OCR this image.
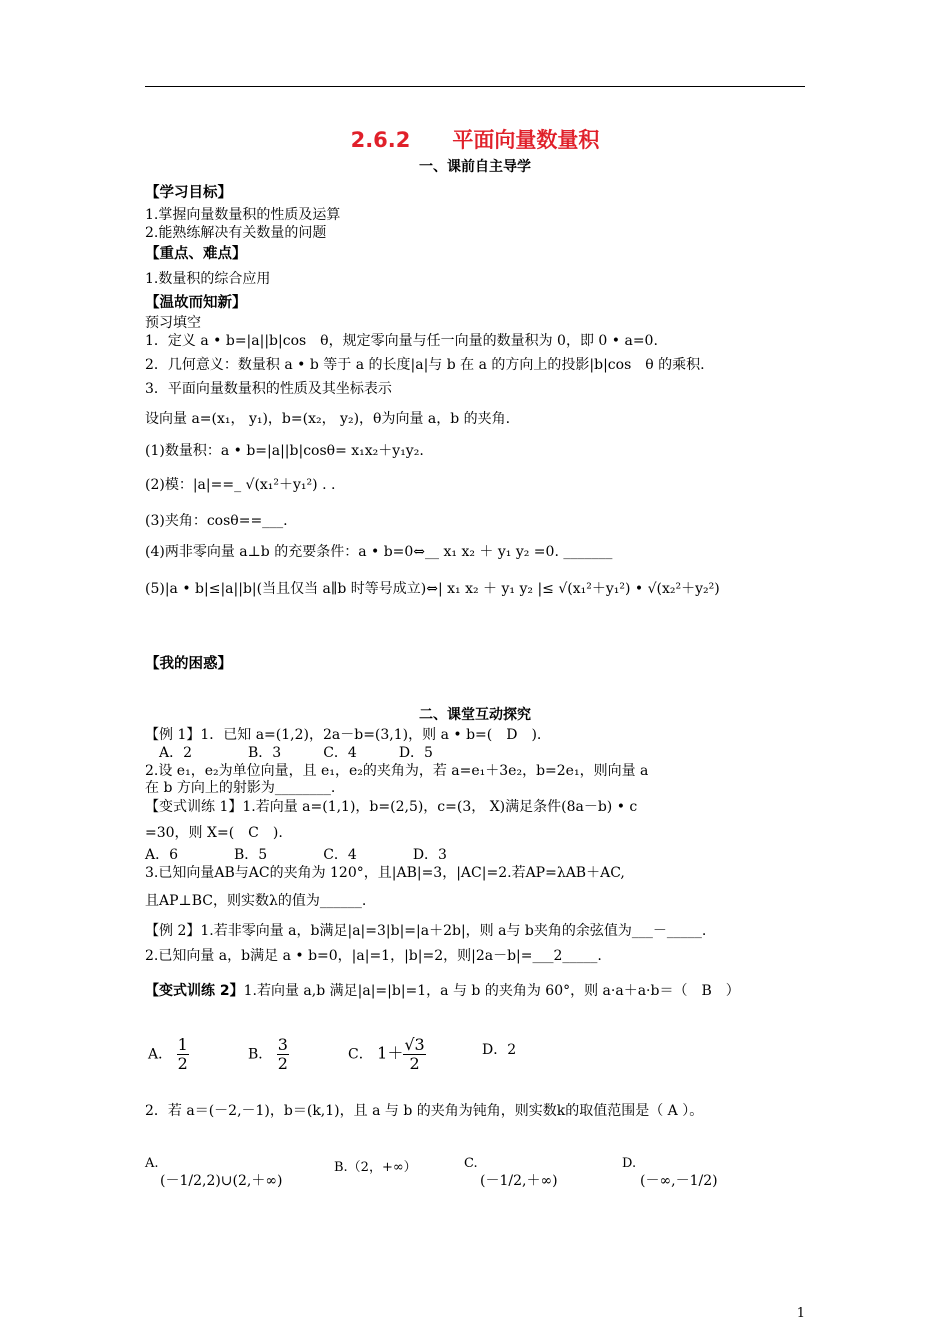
2.6.2　　平面向量数量积
一、课前自主导学
【学习目标】
1.掌握向量数量积的性质及运算
2.能熟练解决有关数量的问题
【重点、难点】
1.数量积的综合应用
【温故而知新】
预习填空
1．定义 a • b=|a||b|cos　θ，规定零向量与任一向量的数量积为 0，即 0 • a=0.
2．几何意义：数量积 a • b 等于 a 的长度|a|与 b 在 a 的方向上的投影|b|cos　θ 的乘积.
3．平面向量数量积的性质及其坐标表示
设向量 a=(x₁， y₁)，b=(x₂， y₂)，θ为向量 a，b 的夹角.
(1)数量积：a • b=|a||b|cosθ= x₁x₂＋y₁y₂.
(2)模：|a|==_ √(x₁²＋y₁²) . .
(3)夹角：cosθ==___.
(4)两非零向量 a⊥b 的充要条件：a • b=0⇔__ x₁ x₂ ＋ y₁ y₂ =0. _______
(5)|a • b|≤|a||b|(当且仅当 a∥b 时等号成立)⇔| x₁ x₂ ＋ y₁ y₂ |≤ √(x₁²＋y₁²) • √(x₂²＋y₂²)
【我的困惑】
二、课堂互动探究
【例 1】1．已知 a=(1,2)，2a－b=(3,1)，则 a • b=(　D　).
　A．2　　　　B．3　　　C．4　　　D．5
2.设 e₁，e₂为单位向量，且 e₁，e₂的夹角为，若 a=e₁＋3e₂，b=2e₁，则向量 a
在 b 方向上的射影为________.
【变式训练 1】1.若向量 a=(1,1)，b=(2,5)，c=(3， X)满足条件(8a－b) • c
=30，则 X=(　C　).
A．6　　　　B．5　　　　C．4　　　　D．3
3.已知向量AB与AC的夹角为 120°，且|AB|=3，|AC|=2.若AP=λAB＋AC,
且AP⊥BC，则实数λ的值为______.
【例 2】1.若非零向量 a，b满足|a|=3|b|=|a＋2b|，则 a与 b夹角的余弦值为___－_____.
2.已知向量 a，b满足 a • b=0，|a|=1，|b|=2，则|2a－b|=___2_____.
【变式训练 2】1.若向量 a,b 满足|a|=|b|=1，a 与 b 的夹角为 60°，则 a·a＋a·b＝（　B　）
A． $\frac{1}{2}$	B． $\frac{3}{2}$	C． $1+ \frac{√3}{2}$	D．2
2．若 a＝(－2,－1)，b＝(k,1)，且 a 与 b 的夹角为钝角，则实数k的取值范围是（ A ）。
A.
(－1/2,2)∪(2,＋∞)
B.（2，+∞）	C.
(－1/2,＋∞)
D.
(－∞,－1/2)
1
